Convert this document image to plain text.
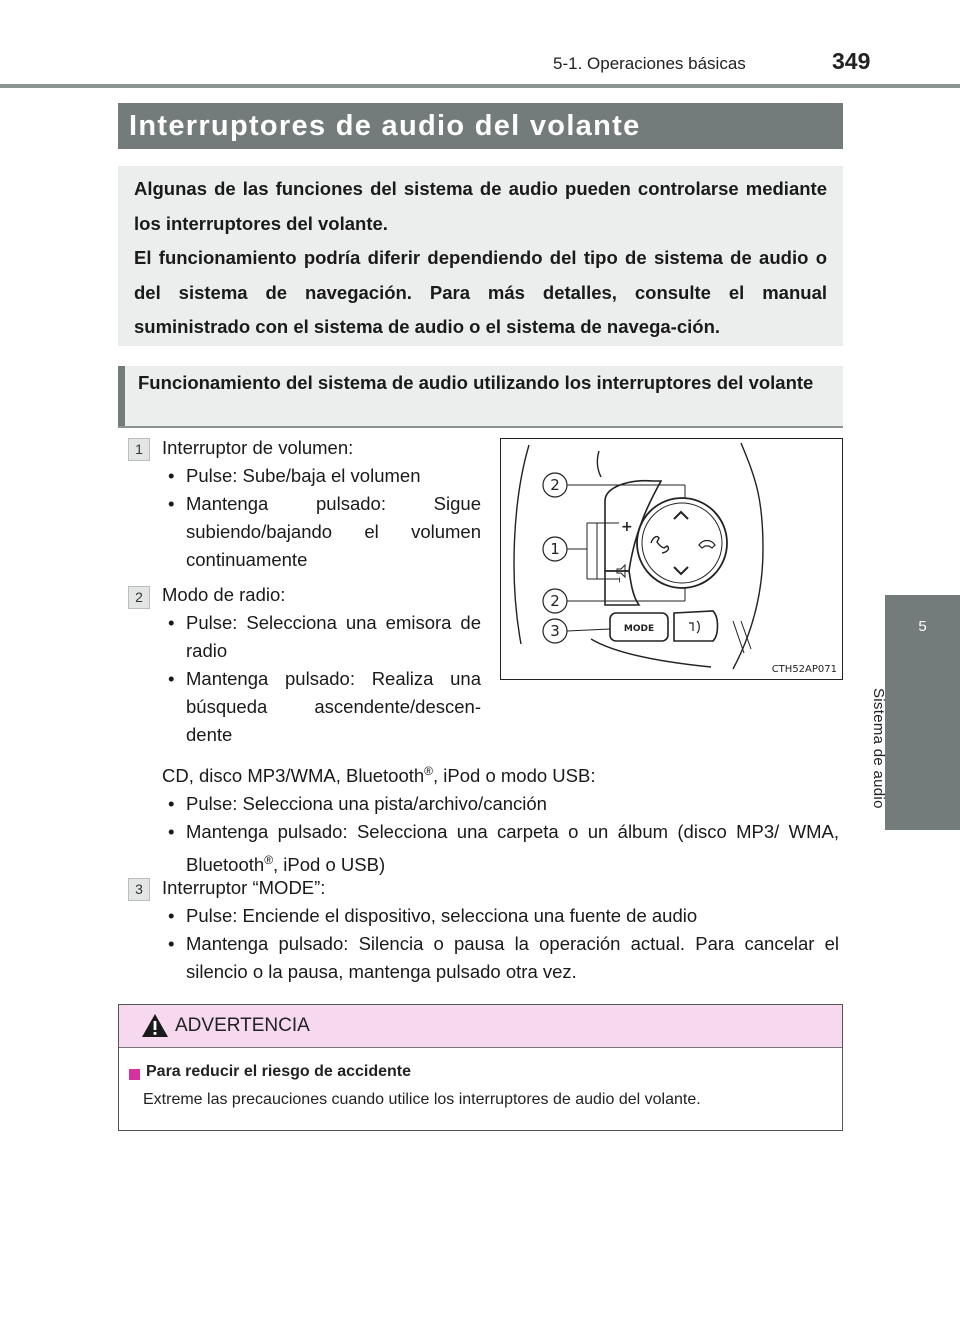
5-1. Operaciones básicas	349
5
Sistema de audio
Interruptores de audio del volante

Algunas de las funciones del sistema de audio pueden controlarse mediante los interruptores del volante.

El funcionamiento podría diferir dependiendo del tipo de sistema de audio o del sistema de navegación. Para más detalles, consulte el manual suministrado con el sistema de audio o el sistema de navega-ción.

Funcionamiento del sistema de audio utilizando los interruptores del volante

1	Interruptor de volumen:

• Pulse: Sube/baja el volumen
• Mantenga pulsado: Sigue subiendo/bajando el volumen continuamente
2	Modo de radio:

• Pulse: Selecciona una emisora de radio
• Mantenga pulsado: Realiza una búsqueda ascendente/descen-dente

CD, disco MP3/WMA, Bluetooth®, iPod o modo USB:

• Pulse: Selecciona una pista/archivo/canción
• Mantenga pulsado: Selecciona una carpeta o un álbum (disco MP3/ WMA, Bluetooth®, iPod o USB)
3	Interruptor “MODE”:

• Pulse: Enciende el dispositivo, selecciona una fuente de audio
• Mantenga pulsado: Silencia o pausa la operación actual. Para cancelar el silencio o la pausa, mantenga pulsado otra vez.
+
–
MODE
2
1
2
3
CTH52AP071
ADVERTENCIA
Para reducir el riesgo de accidente
Extreme las precauciones cuando utilice los interruptores de audio del volante.
